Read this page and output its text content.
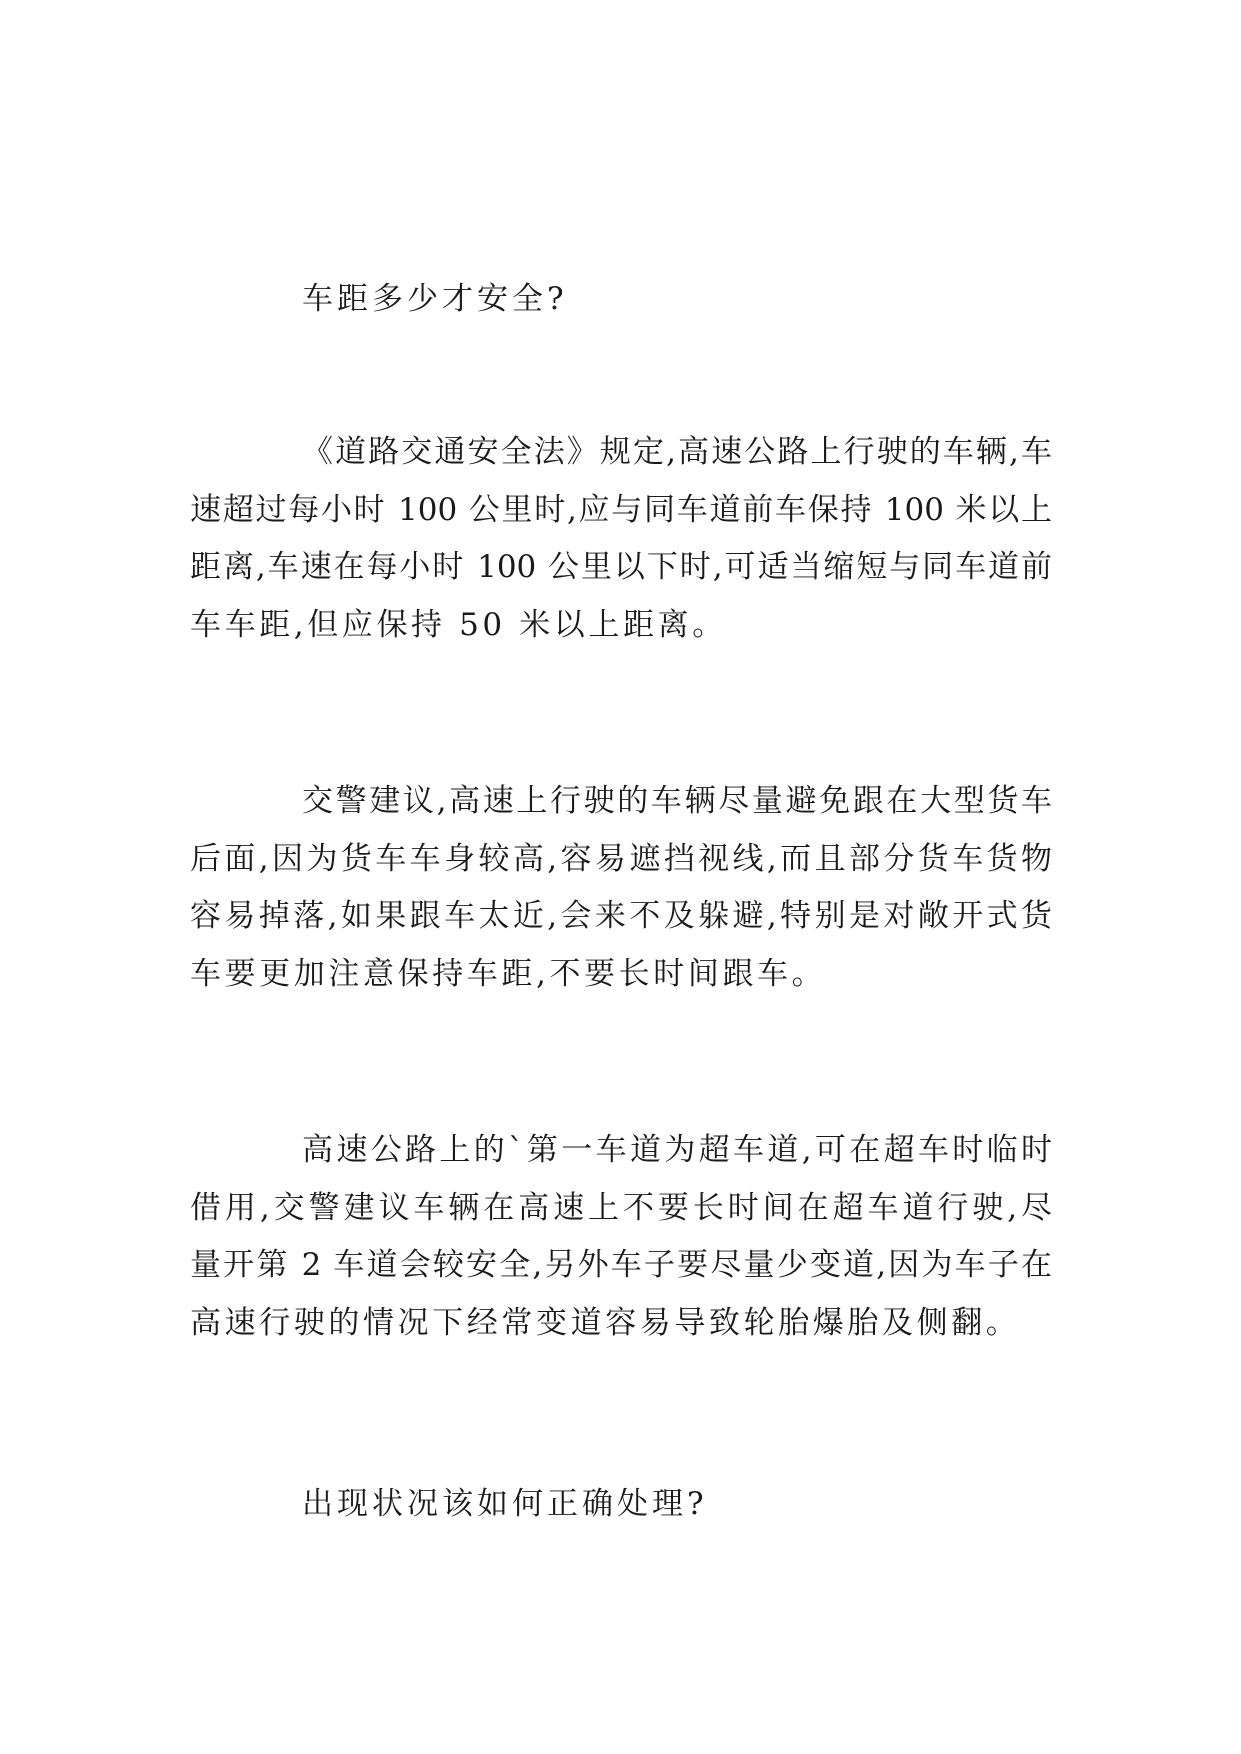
车距多少才安全?

《道路交通安全法》规定,高速公路上行驶的车辆,车
速超过每小时 100 公里时,应与同车道前车保持 100 米以上
距离,车速在每小时 100 公里以下时,可适当缩短与同车道前
车车距,但应保持 50 米以上距离。

交警建议,高速上行驶的车辆尽量避免跟在大型货车
后面,因为货车车身较高,容易遮挡视线,而且部分货车货物
容易掉落,如果跟车太近,会来不及躲避,特别是对敞开式货
车要更加注意保持车距,不要长时间跟车。

高速公路上的`第一车道为超车道,可在超车时临时
借用,交警建议车辆在高速上不要长时间在超车道行驶,尽
量开第 2 车道会较安全,另外车子要尽量少变道,因为车子在
高速行驶的情况下经常变道容易导致轮胎爆胎及侧翻。

出现状况该如何正确处理?
